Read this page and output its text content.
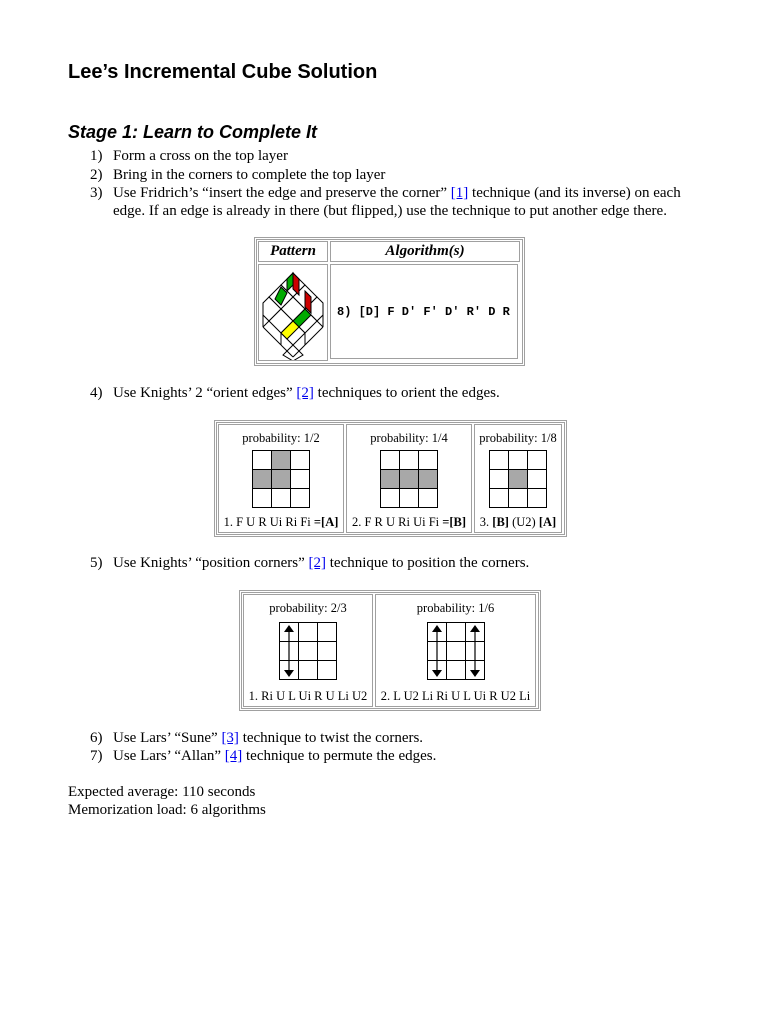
Lee’s Incremental Cube Solution
Stage 1: Learn to Complete It
1) Form a cross on the top layer
2) Bring in the corners to complete the top layer
3) Use Fridrich’s “insert the edge and preserve the corner” [1] technique (and its inverse) on each edge. If an edge is already in there (but flipped,) use the technique to put another edge there.
Pattern	Algorithm(s)
8) [D] F D' F' D' R' D R
4) Use Knights’ 2 “orient edges” [2] techniques to orient the edges.
probability: 1/2
1. F U R Ui Ri Fi =[A]
probability: 1/4
2. F R U Ri Ui Fi =[B]
probability: 1/8
3. [B] (U2) [A]
5) Use Knights’ “position corners” [2] technique to position the corners.
probability: 2/3
1. Ri U L Ui R U Li U2
probability: 1/6
2. L U2 Li Ri U L Ui R U2 Li
6) Use Lars’ “Sune” [3] technique to twist the corners.
7) Use Lars’ “Allan” [4] technique to permute the edges.
Expected average: 110 seconds
Memorization load: 6 algorithms
